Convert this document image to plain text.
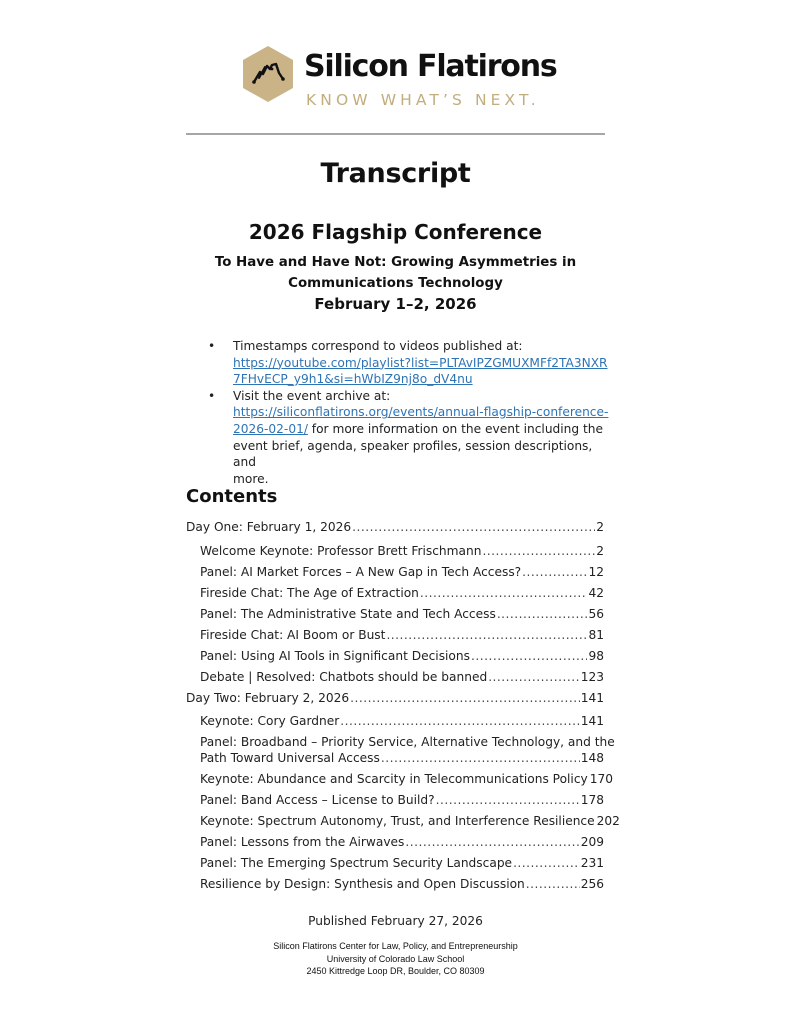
Silicon Flatirons
KNOW WHAT’S NEXT.
Transcript
2026 Flagship Conference
To Have and Have Not: Growing Asymmetries in
Communications Technology
February 1–2, 2026
• Timestamps correspond to videos published at:
https://youtube.com/playlist?list=PLTAvIPZGMUXMFf2TA3NXR
7FHvECP_y9h1&si=hWbIZ9nj8o_dV4nu
• Visit the event archive at:
https://siliconflatirons.org/events/annual-flagship-conference-
2026-02-01/ for more information on the event including the
event brief, agenda, speaker profiles, session descriptions, and
more.
Contents
Day One: February 1, 2026 .....	2
Welcome Keynote: Professor Brett Frischmann .....	2
Panel: AI Market Forces – A New Gap in Tech Access? .....	12
Fireside Chat: The Age of Extraction .....	42
Panel: The Administrative State and Tech Access .....	56
Fireside Chat: AI Boom or Bust .....	81
Panel: Using AI Tools in Significant Decisions .....	98
Debate | Resolved: Chatbots should be banned .....	123
Day Two: February 2, 2026 .....	141
Keynote: Cory Gardner .....	141
Panel: Broadband – Priority Service, Alternative Technology, and the
Path Toward Universal Access .....	148
Keynote: Abundance and Scarcity in Telecommunications Policy 170
Panel: Band Access – License to Build? .....	178
Keynote: Spectrum Autonomy, Trust, and Interference Resilience 202
Panel: Lessons from the Airwaves .....	209
Panel: The Emerging Spectrum Security Landscape .....	231
Resilience by Design: Synthesis and Open Discussion .....	256
Published February 27, 2026
Silicon Flatirons Center for Law, Policy, and Entrepreneurship
University of Colorado Law School
2450 Kittredge Loop DR, Boulder, CO 80309
